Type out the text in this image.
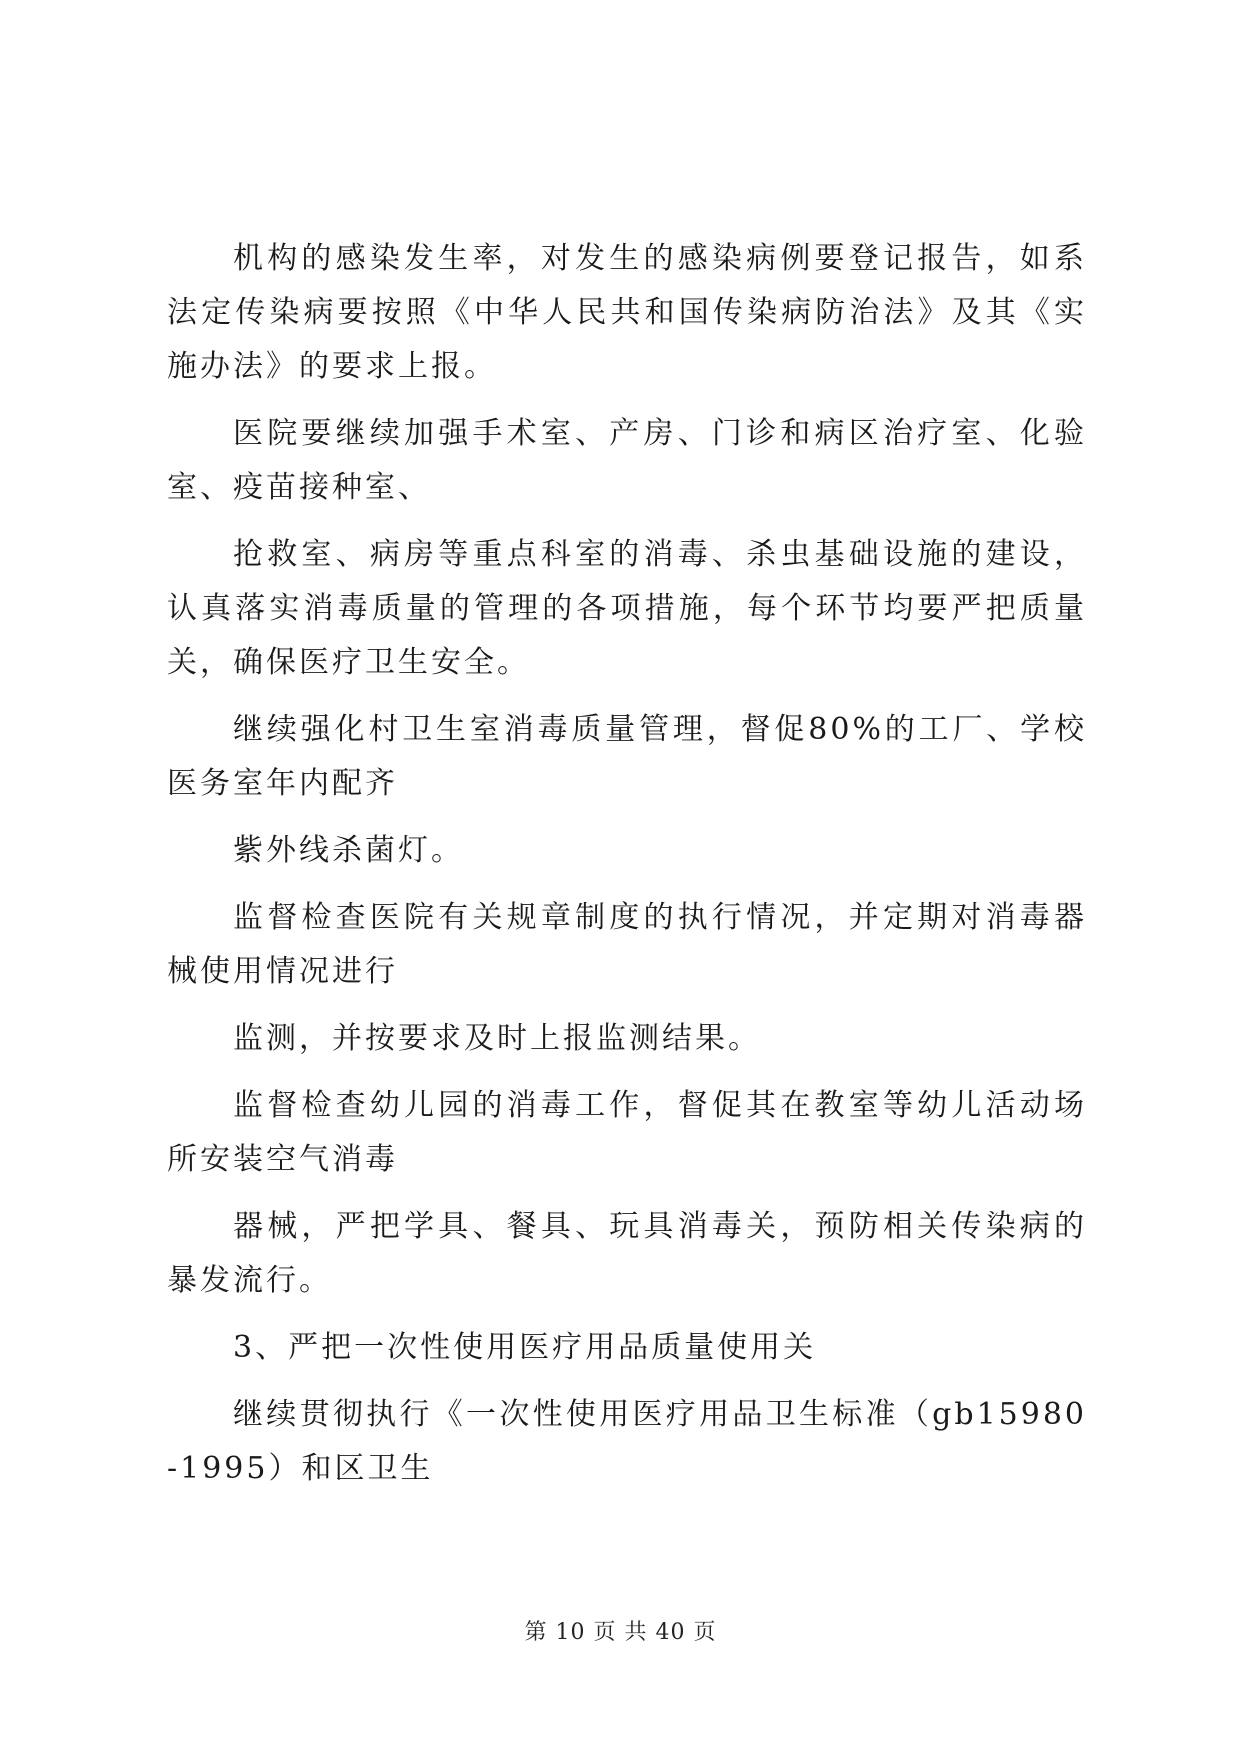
机构的感染发生率，对发生的感染病例要登记报告，如系法定传染病要按照《中华人民共和国传染病防治法》及其《实施办法》的要求上报。

医院要继续加强手术室、产房、门诊和病区治疗室、化验室、疫苗接种室、

抢救室、病房等重点科室的消毒、杀虫基础设施的建设，认真落实消毒质量的管理的各项措施，每个环节均要严把质量关，确保医疗卫生安全。

继续强化村卫生室消毒质量管理，督促80%的工厂、学校医务室年内配齐

紫外线杀菌灯。

监督检查医院有关规章制度的执行情况，并定期对消毒器械使用情况进行

监测，并按要求及时上报监测结果。

监督检查幼儿园的消毒工作，督促其在教室等幼儿活动场所安装空气消毒

器械，严把学具、餐具、玩具消毒关，预防相关传染病的暴发流行。

3、严把一次性使用医疗用品质量使用关

继续贯彻执行《一次性使用医疗用品卫生标准（gb15980-1995）和区卫生

第 10 页 共 40 页
